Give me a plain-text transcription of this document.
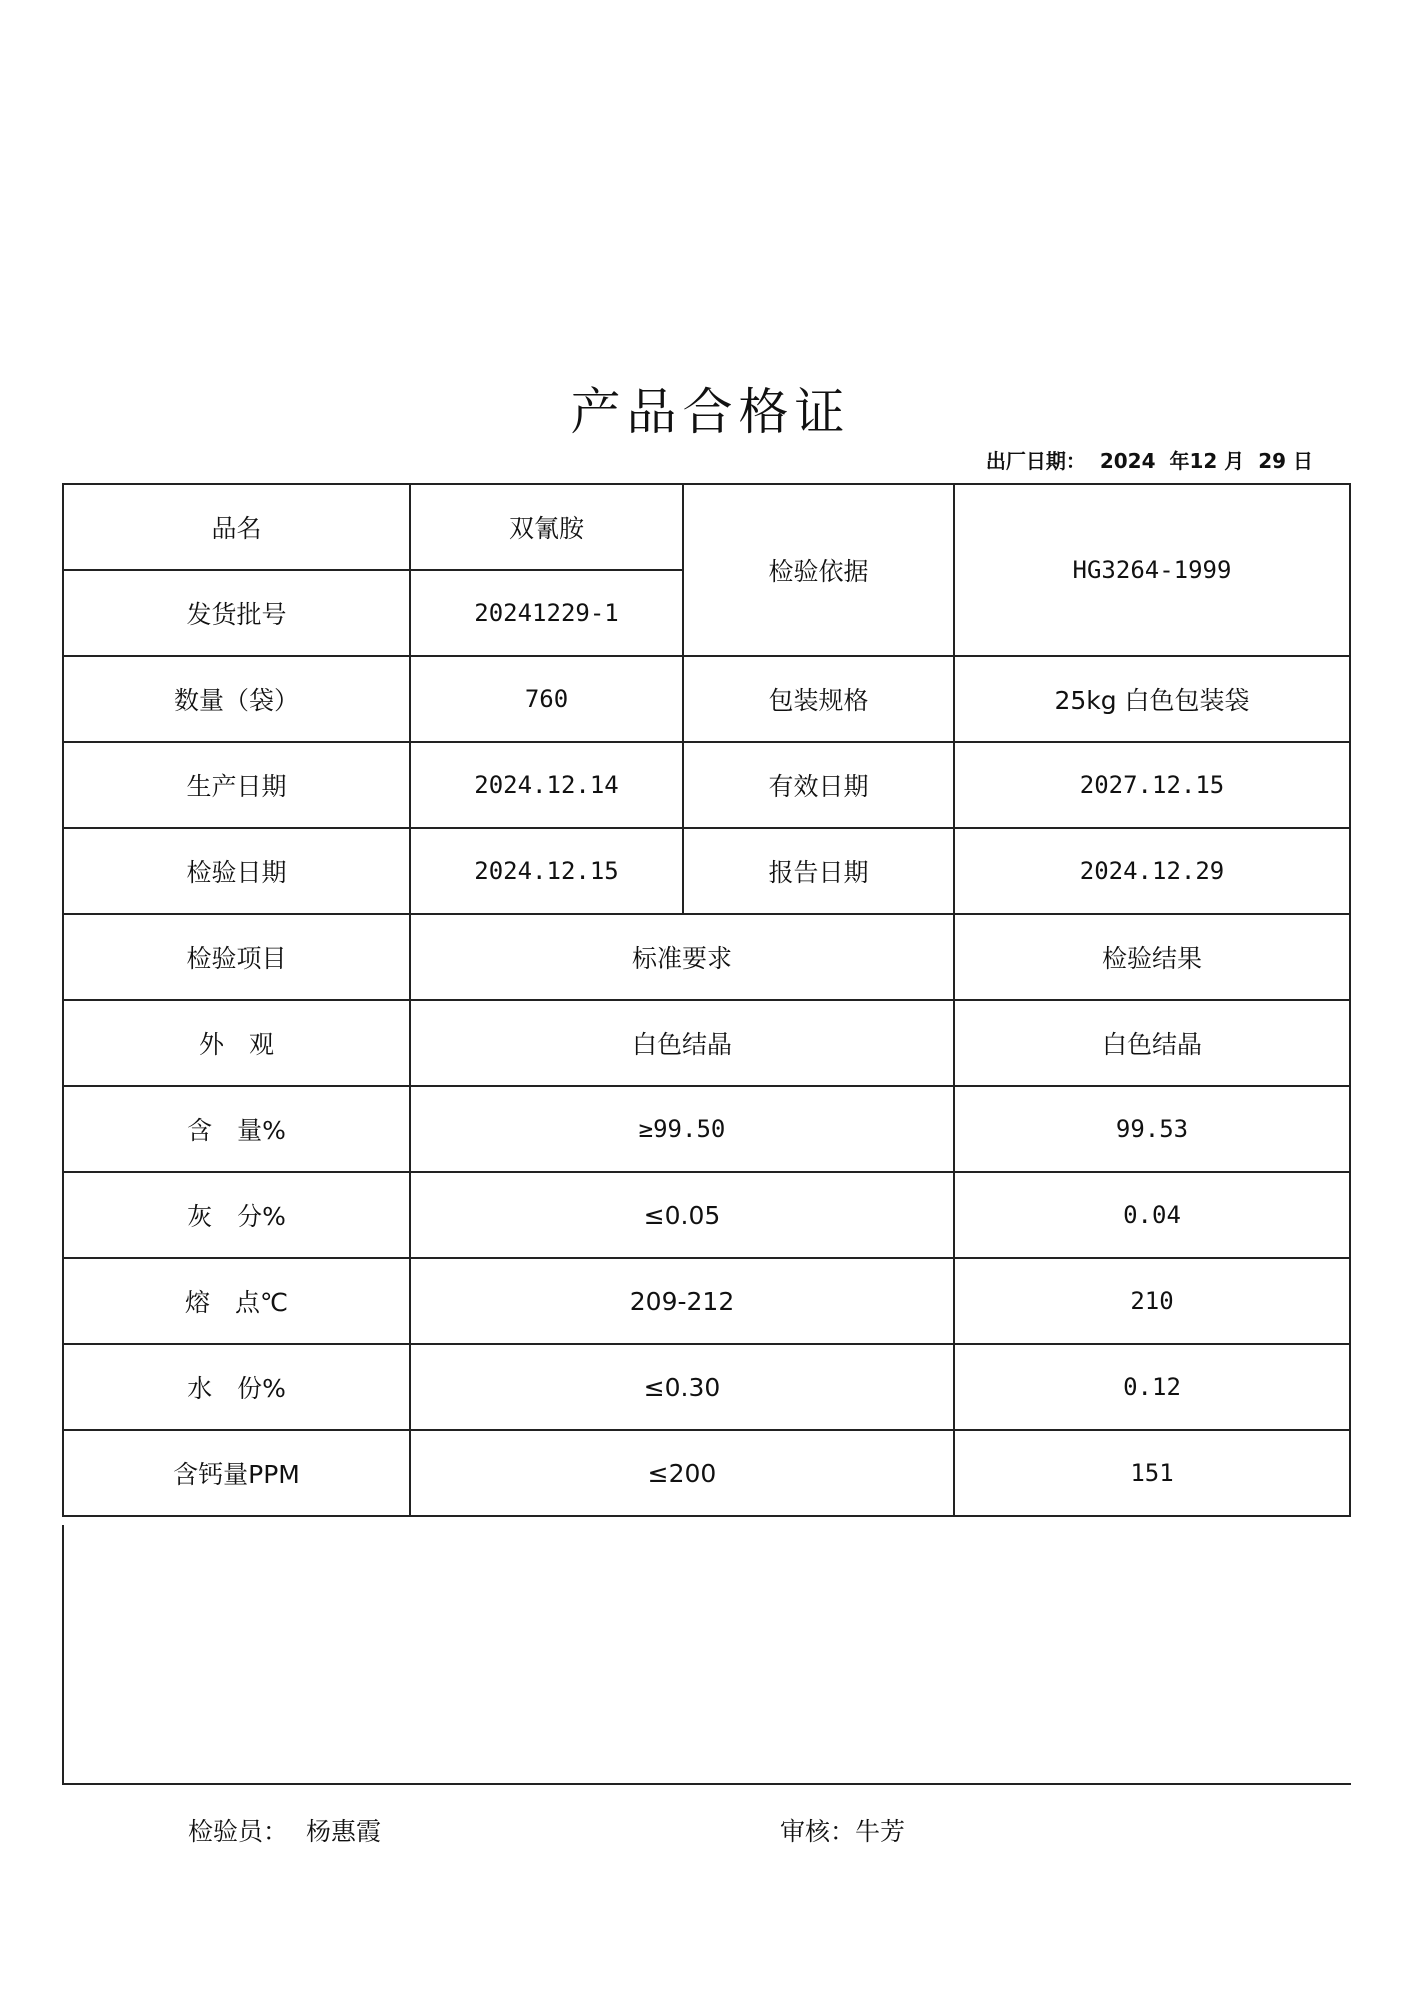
产品合格证
出厂日期： 2024 年12 月 29 日
品名	双氰胺	检验依据	HG3264-1999
发货批号	20241229-1		
数量（袋）	760	包装规格	25kg 白色包装袋
生产日期	2024.12.14	有效日期	2027.12.15
检验日期	2024.12.15	报告日期	2024.12.29
检验项目	标准要求		检验结果
外　观	白色结晶		白色结晶
含　量%	≥99.50		99.53
灰　分%	≤0.05		0.04
熔　点℃	209-212		210
水　份%	≤0.30		0.12
含钙量PPM	≤200		151
检验员： 杨惠霞	审核：牛芳
